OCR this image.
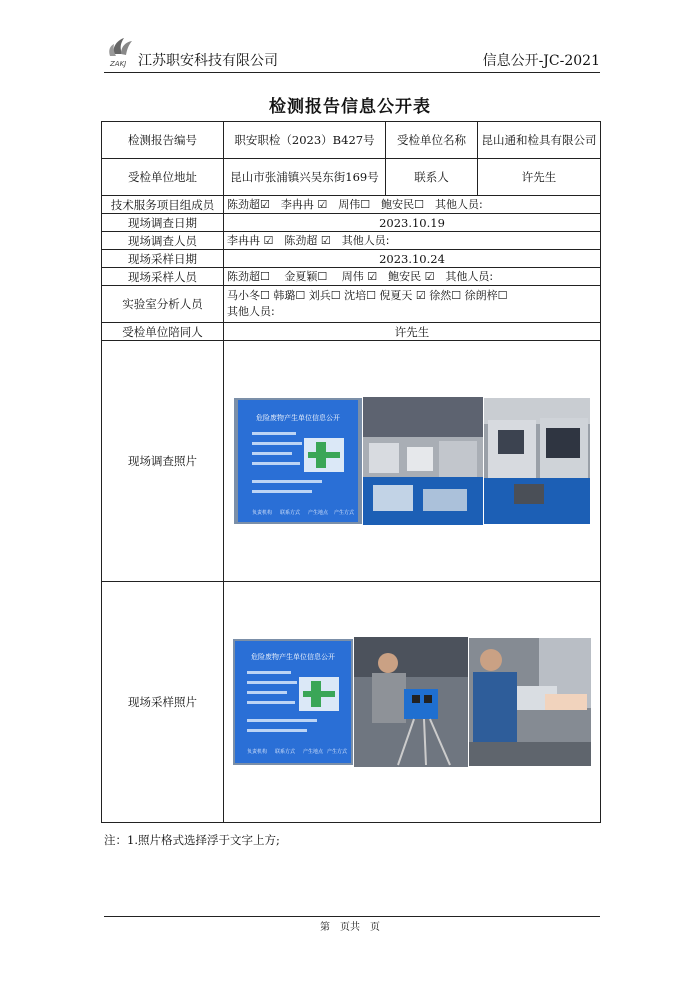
ZAKJ 江苏职安科技有限公司	信息公开-JC-2021
检测报告信息公开表
检测报告编号	职安职检（2023）B427号	受检单位名称	昆山通和检具有限公司
受检单位地址	昆山市张浦镇兴吴东街169号	联系人	许先生
技术服务项目组成员	陈劲超☑　李冉冉 ☑　周伟☐　鲍安民☐　其他人员:		
现场调查日期	2023.10.19		
现场调查人员	李冉冉 ☑　陈劲超 ☑　其他人员:		
现场采样日期	2023.10.24		
现场采样人员	陈劲超☐　 金夏颖☐　 周伟 ☑　鲍安民 ☑　其他人员:		
实验室分析人员	马小冬☐ 韩璐☐ 刘兵☐ 沈培☐ 倪夏天 ☑ 徐然☐ 徐朗梓☐
其他人员:		

受检单位陪同人	许先生		
现场调查照片	危险废物产生单位信息公开
负责机构 联系方式 产生地点 产生方式		

现场采样照片	危险废物产生单位信息公开
负责机构 联系方式 产生地点 产生方式		
注：1.照片格式选择浮于文字上方;
第　页共　页
